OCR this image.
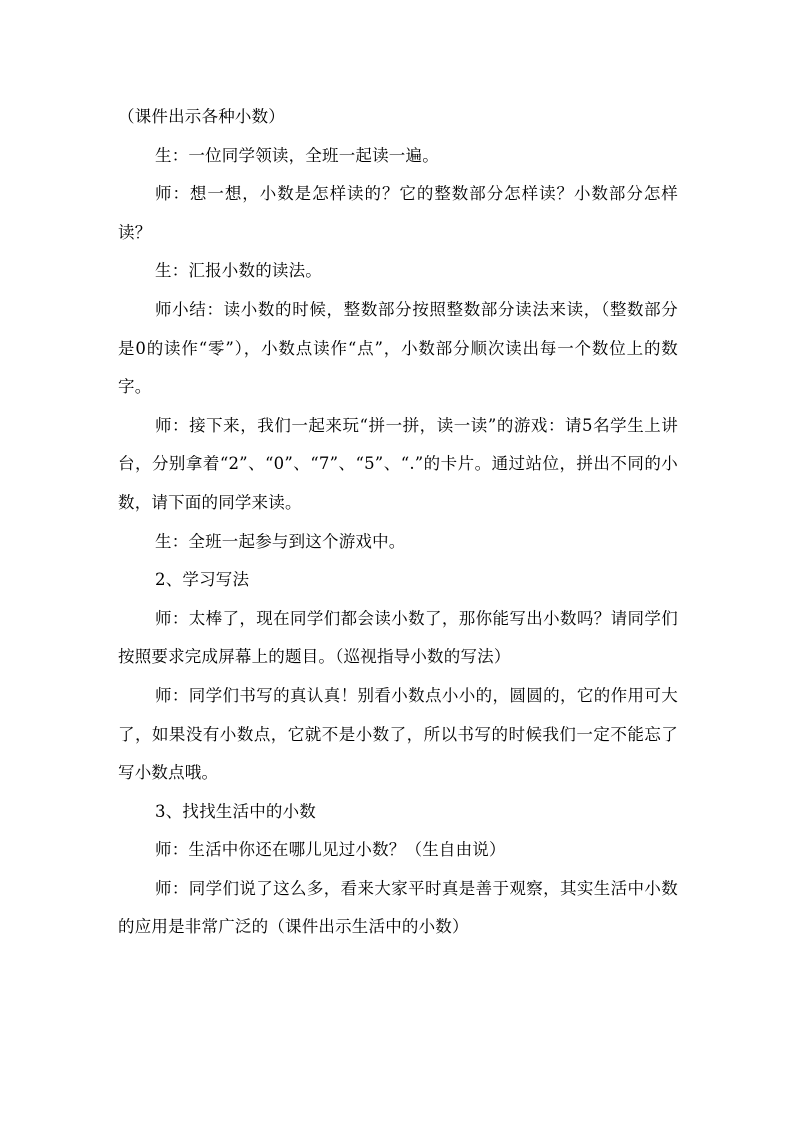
（课件出示各种小数）

生：一位同学领读，全班一起读一遍。

师：想一想，小数是怎样读的？它的整数部分怎样读？小数部分怎样读？

生：汇报小数的读法。

师小结：读小数的时候，整数部分按照整数部分读法来读，（整数部分是0的读作“零”），小数点读作“点”，小数部分顺次读出每一个数位上的数字。

师：接下来，我们一起来玩“拼一拼，读一读”的游戏：请5名学生上讲台，分别拿着“2”、“0”、“7”、“5”、“.”的卡片。通过站位，拼出不同的小数，请下面的同学来读。

生：全班一起参与到这个游戏中。

2、学习写法

师：太棒了，现在同学们都会读小数了，那你能写出小数吗？请同学们按照要求完成屏幕上的题目。（巡视指导小数的写法）

师：同学们书写的真认真！别看小数点小小的，圆圆的，它的作用可大了，如果没有小数点，它就不是小数了，所以书写的时候我们一定不能忘了写小数点哦。

3、找找生活中的小数

师：生活中你还在哪儿见过小数？（生自由说）

师：同学们说了这么多，看来大家平时真是善于观察，其实生活中小数的应用是非常广泛的（课件出示生活中的小数）
